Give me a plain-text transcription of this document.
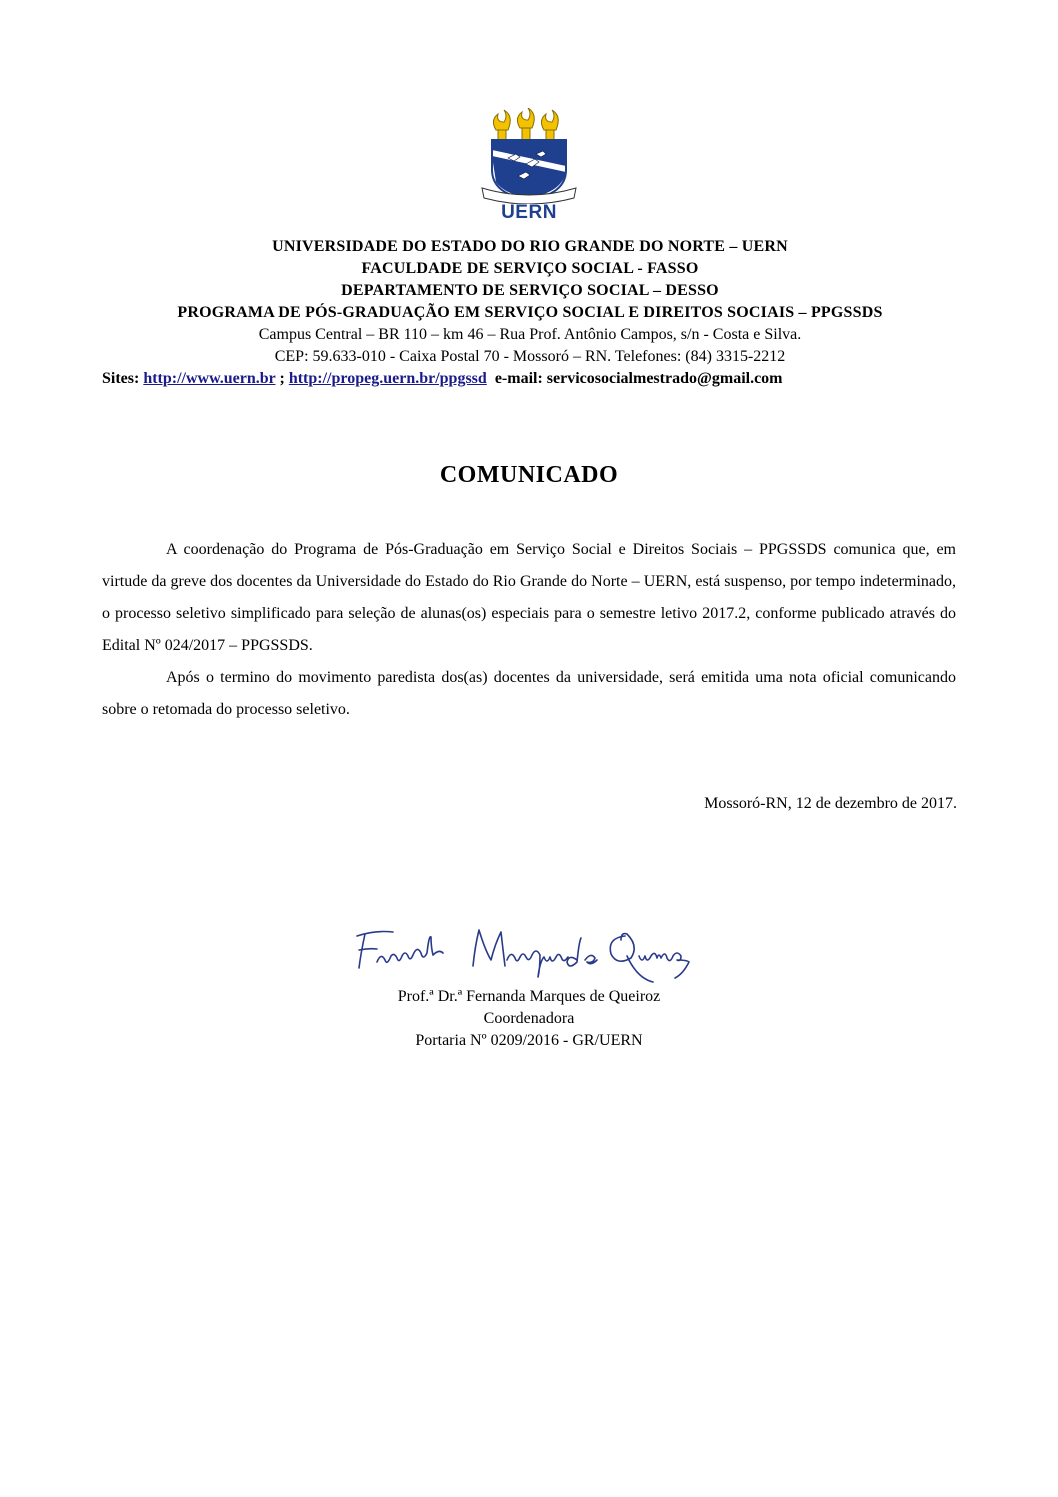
UERN
UNIVERSIDADE DO ESTADO DO RIO GRANDE DO NORTE – UERN
FACULDADE DE SERVIÇO SOCIAL - FASSO
DEPARTAMENTO DE SERVIÇO SOCIAL – DESSO
PROGRAMA DE PÓS-GRADUAÇÃO EM SERVIÇO SOCIAL E DIREITOS SOCIAIS – PPGSSDS
Campus Central – BR 110 – km 46 – Rua Prof. Antônio Campos, s/n - Costa e Silva.
CEP: 59.633-010 - Caixa Postal 70 - Mossoró – RN. Telefones: (84) 3315-2212
Sites: http://www.uern.br ; http://propeg.uern.br/ppgssd e-mail: servicosocialmestrado@gmail.com
COMUNICADO

A coordenação do Programa de Pós-Graduação em Serviço Social e Direitos Sociais – PPGSSDS comunica que, em virtude da greve dos docentes da Universidade do Estado do Rio Grande do Norte – UERN, está suspenso, por tempo indeterminado, o processo seletivo simplificado para seleção de alunas(os) especiais para o semestre letivo 2017.2, conforme publicado através do Edital Nº 024/2017 – PPGSSDS.

Após o termino do movimento paredista dos(as) docentes da universidade, será emitida uma nota oficial comunicando sobre o retomada do processo seletivo.

Mossoró-RN, 12 de dezembro de 2017.
Prof.ª Dr.ª Fernanda Marques de Queiroz
Coordenadora
Portaria Nº 0209/2016 - GR/UERN
